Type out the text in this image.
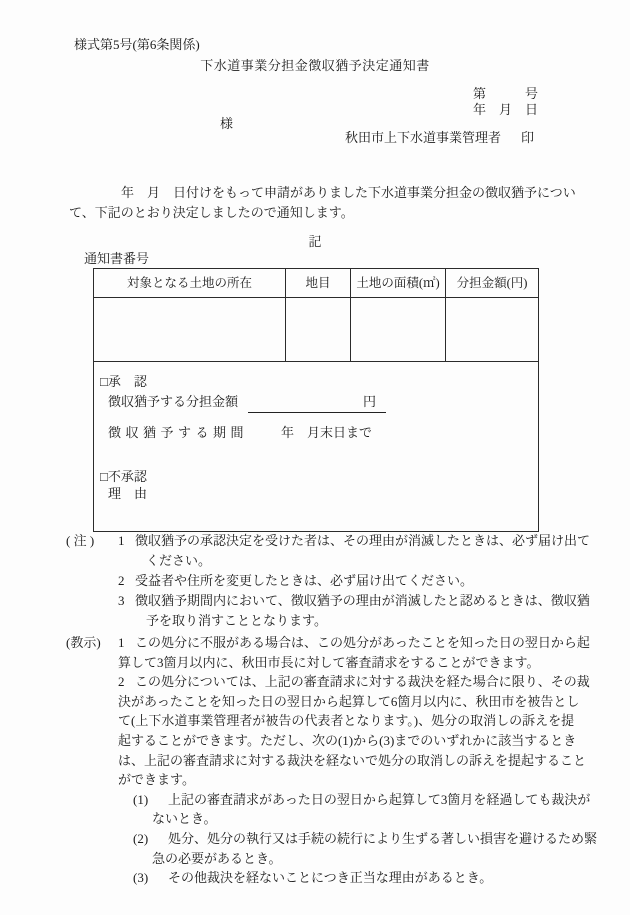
様式第5号(第6条関係)
下水道事業分担金徴収猶予決定通知書
第　　　号
年　月　日
様
秋田市上下水道事業管理者 印
年　月　日付けをもって申請がありました下水道事業分担金の徴収猶予につい
て、下記のとおり決定しましたので通知します。
記
通知書番号
対象となる土地の所在	地目	土地の面積(㎡)	分担金額(円)
□承　認
徴収猶予する分担金額	円
徴収猶予する期間	年　月末日まで
□不承認
理　由
( 注 ) 1 徴収猶予の承認決定を受けた者は、その理由が消滅したときは、必ず届け出て
ください。
2 受益者や住所を変更したときは、必ず届け出てください。
3 徴収猶予期間内において、徴収猶予の理由が消滅したと認めるときは、徴収猶
予を取り消すこととなります。
(教示) 1 この処分に不服がある場合は、この処分があったことを知った日の翌日から起
算して3箇月以内に、秋田市長に対して審査請求をすることができます。
2 この処分については、上記の審査請求に対する裁決を経た場合に限り、その裁
決があったことを知った日の翌日から起算して6箇月以内に、秋田市を被告とし
て(上下水道事業管理者が被告の代表者となります。)、処分の取消しの訴えを提
起することができます。ただし、次の(1)から(3)までのいずれかに該当するとき
は、上記の審査請求に対する裁決を経ないで処分の取消しの訴えを提起すること
ができます。
(1)	上記の審査請求があった日の翌日から起算して3箇月を経過しても裁決が
ないとき。
(2)	処分、処分の執行又は手続の続行により生ずる著しい損害を避けるため緊
急の必要があるとき。
(3)	その他裁決を経ないことにつき正当な理由があるとき。
